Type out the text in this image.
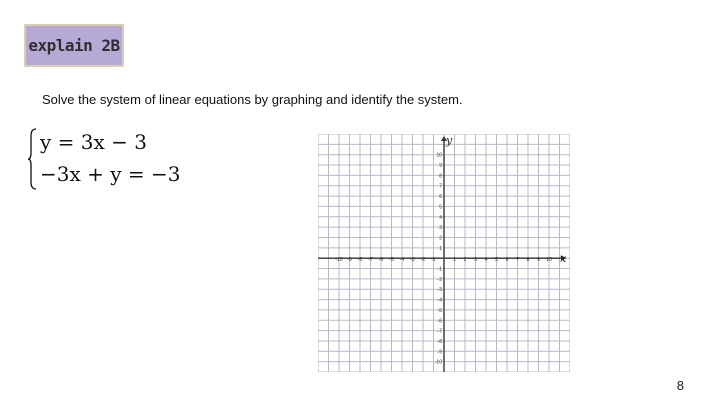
explain 2B
Solve the system of linear equations by graphing and identify the system.
y = 3x − 3
−3x + y = −3
x
y
-10 -9 -8 -7 -6 -5 -4 -3 -2 -1	1 2 3 4 5 6 7 8 9 10
10
9
8
7
6
5
4
3
2
1
-1
-2
-3
-4
-5
-6
-7
-8
-9
-10
8
